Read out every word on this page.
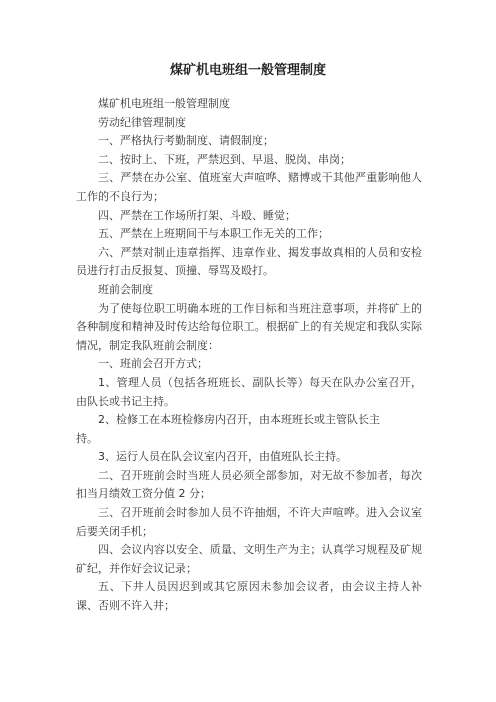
煤矿机电班组一般管理制度

煤矿机电班组一般管理制度

劳动纪律管理制度

一、严格执行考勤制度、请假制度；

二、按时上、下班，严禁迟到、早退、脱岗、串岗；

三、严禁在办公室、值班室大声喧哗、赌博或干其他严重影响他人工作的不良行为；

四、严禁在工作场所打架、斗殴、睡觉；

五、严禁在上班期间干与本职工作无关的工作；

六、严禁对制止违章指挥、违章作业、揭发事故真相的人员和安检员进行打击反报复、顶撞、辱骂及殴打。

班前会制度

为了使每位职工明确本班的工作目标和当班注意事项，并将矿上的各种制度和精神及时传达给每位职工。根据矿上的有关规定和我队实际情况，制定我队班前会制度：

一、班前会召开方式；

1、管理人员（包括各班班长、副队长等）每天在队办公室召开，由队长或书记主持。

2、检修工在本班检修房内召开，由本班班长或主管队长主

持。

3、运行人员在队会议室内召开，由值班队长主持。

二、召开班前会时当班人员必须全部参加，对无故不参加者，每次扣当月绩效工资分值 2 分；

三、召开班前会时参加人员不许抽烟，不许大声喧哗。进入会议室后要关闭手机；

四、会议内容以安全、质量、文明生产为主；认真学习规程及矿规矿纪，并作好会议记录；

五、下井人员因迟到或其它原因未参加会议者，由会议主持人补课、否则不许入井；
